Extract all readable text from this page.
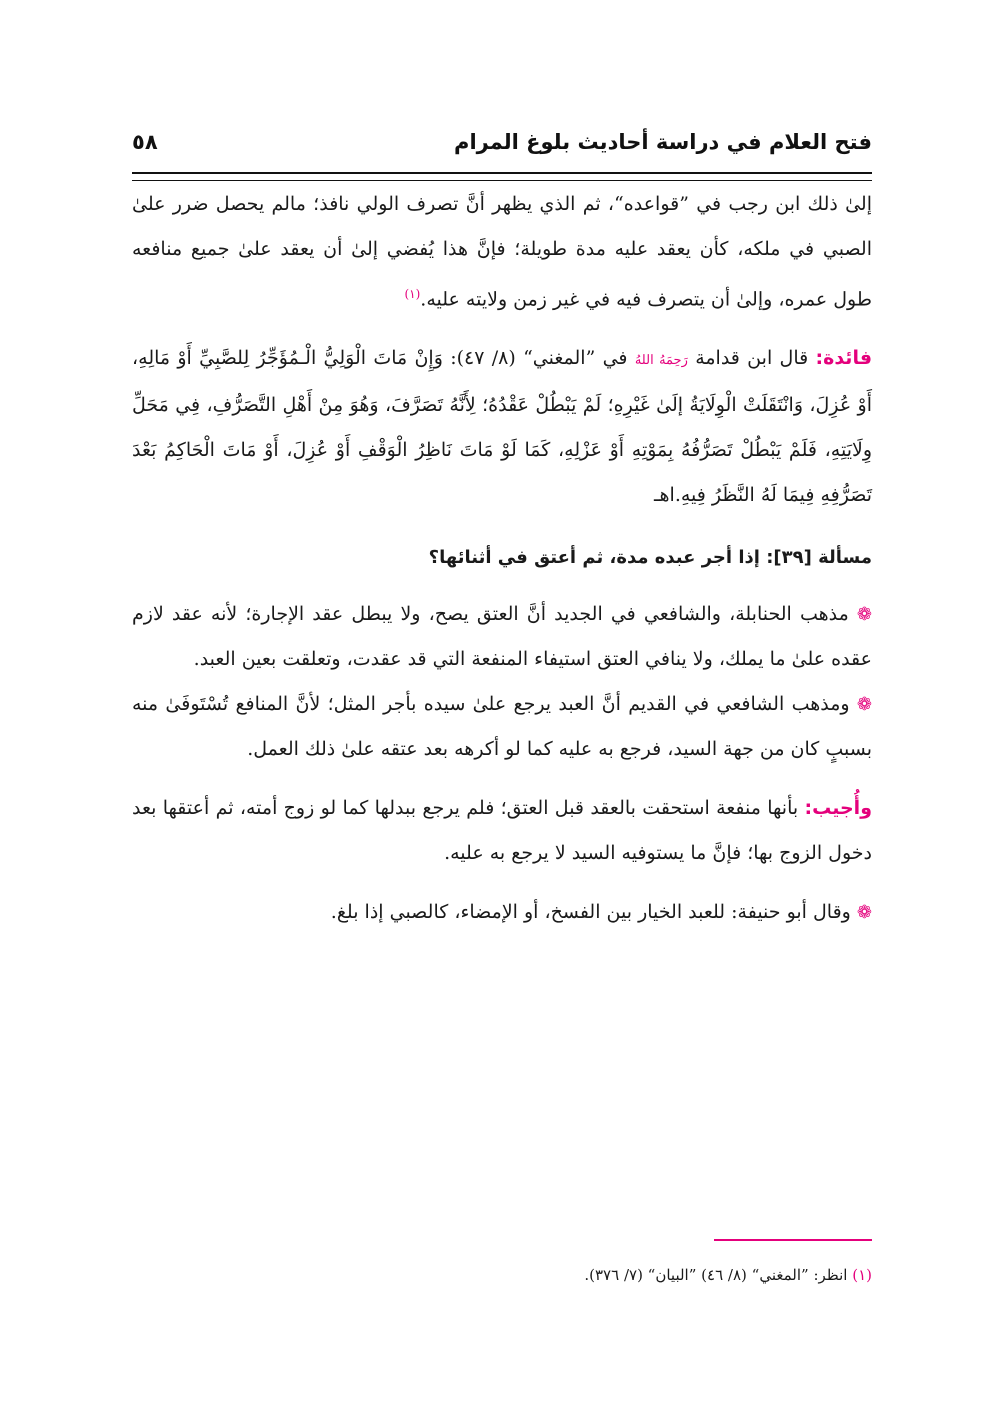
فتح العلام في دراسة أحاديث بلوغ المرام
٥٨

إلىٰ ذلك ابن رجب في ”قواعده“، ثم الذي يظهر أنَّ تصرف الولي نافذ؛ مالم يحصل ضرر علىٰ الصبي في ملكه، كأن يعقد عليه مدة طويلة؛ فإنَّ هذا يُفضي إلىٰ أن يعقد علىٰ جميع منافعه طول عمره، وإلىٰ أن يتصرف فيه في غير زمن ولايته عليه.$^{(١)}$

فائدة: قال ابن قدامة رَحِمَهُ اللهُ في ”المغني“ (٨/ ٤٧): وَإِنْ مَاتَ الْوَلِيُّ الْـمُؤَجِّرُ لِلصَّبِيِّ أَوْ مَالِهِ، أَوْ عُزِلَ، وَانْتَقَلَتْ الْوِلَايَةُ إلَىٰ غَيْرِهِ؛ لَمْ يَبْطُلْ عَقْدُهُ؛ لِأَنَّهُ تَصَرَّفَ، وَهُوَ مِنْ أَهْلِ التَّصَرُّفِ، فِي مَحَلِّ وِلَايَتِهِ، فَلَمْ يَبْطُلْ تَصَرُّفُهُ بِمَوْتِهِ أَوْ عَزْلِهِ، كَمَا لَوْ مَاتَ نَاظِرُ الْوَقْفِ أَوْ عُزِلَ، أَوْ مَاتَ الْحَاكِمُ بَعْدَ تَصَرُّفِهِ فِيمَا لَهُ النَّظَرُ فِيهِ.اهـ

مسألة [٣٩]: إذا أجر عبده مدة، ثم أعتق في أثنائها؟

❁ مذهب الحنابلة، والشافعي في الجديد أنَّ العتق يصح، ولا يبطل عقد الإجارة؛ لأنه عقد لازم عقده علىٰ ما يملك، ولا ينافي العتق استيفاء المنفعة التي قد عقدت، وتعلقت بعين العبد.

❁ ومذهب الشافعي في القديم أنَّ العبد يرجع علىٰ سيده بأجر المثل؛ لأنَّ المنافع تُسْتَوفَىٰ منه بسببٍ كان من جهة السيد، فرجع به عليه كما لو أكرهه بعد عتقه علىٰ ذلك العمل.

وأُجيب: بأنها منفعة استحقت بالعقد قبل العتق؛ فلم يرجع ببدلها كما لو زوج أمته، ثم أعتقها بعد دخول الزوج بها؛ فإنَّ ما يستوفيه السيد لا يرجع به عليه.

❁ وقال أبو حنيفة: للعبد الخيار بين الفسخ، أو الإمضاء، كالصبي إذا بلغ.

(١) انظر: ”المغني“ (٨/ ٤٦) ”البيان“ (٧/ ٣٧٦).
